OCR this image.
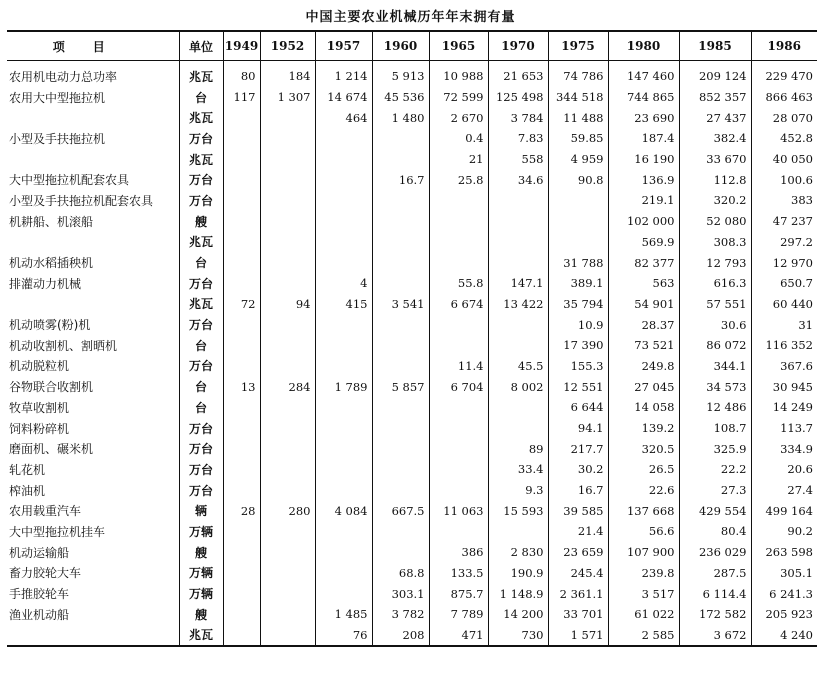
中国主要农业机械历年年末拥有量
项目	单位	1949	1952	1957	1960	1965	1970	1975	1980	1985	1986
农用机电动力总功率	兆瓦	80	184	1 214	5 913	10 988	21 653	74 786	147 460	209 124	229 470
农用大中型拖拉机	台	117	1 307	14 674	45 536	72 599	125 498	344 518	744 865	852 357	866 463
	兆瓦			464	1 480	2 670	3 784	11 488	23 690	27 437	28 070
小型及手扶拖拉机	万台					0.4	7.83	59.85	187.4	382.4	452.8
	兆瓦					21	558	4 959	16 190	33 670	40 050
大中型拖拉机配套农具	万台				16.7	25.8	34.6	90.8	136.9	112.8	100.6
小型及手扶拖拉机配套农具	万台								219.1	320.2	383
机耕船、机滚船	艘								102 000	52 080	47 237
	兆瓦								569.9	308.3	297.2
机动水稻插秧机	台							31 788	82 377	12 793	12 970
排灌动力机械	万台			4		55.8	147.1	389.1	563	616.3	650.7
	兆瓦	72	94	415	3 541	6 674	13 422	35 794	54 901	57 551	60 440
机动喷雾(粉)机	万台							10.9	28.37	30.6	31
机动收割机、割晒机	台							17 390	73 521	86 072	116 352
机动脱粒机	万台					11.4	45.5	155.3	249.8	344.1	367.6
谷物联合收割机	台	13	284	1 789	5 857	6 704	8 002	12 551	27 045	34 573	30 945
牧草收割机	台							6 644	14 058	12 486	14 249
饲料粉碎机	万台							94.1	139.2	108.7	113.7
磨面机、碾米机	万台						89	217.7	320.5	325.9	334.9
轧花机	万台						33.4	30.2	26.5	22.2	20.6
榨油机	万台						9.3	16.7	22.6	27.3	27.4
农用载重汽车	辆	28	280	4 084	667.5	11 063	15 593	39 585	137 668	429 554	499 164
大中型拖拉机挂车	万辆							21.4	56.6	80.4	90.2
机动运输船	艘					386	2 830	23 659	107 900	236 029	263 598
畜力胶轮大车	万辆				68.8	133.5	190.9	245.4	239.8	287.5	305.1
手推胶轮车	万辆				303.1	875.7	1 148.9	2 361.1	3 517	6 114.4	6 241.3
渔业机动船	艘			1 485	3 782	7 789	14 200	33 701	61 022	172 582	205 923
	兆瓦			76	208	471	730	1 571	2 585	3 672	4 240
